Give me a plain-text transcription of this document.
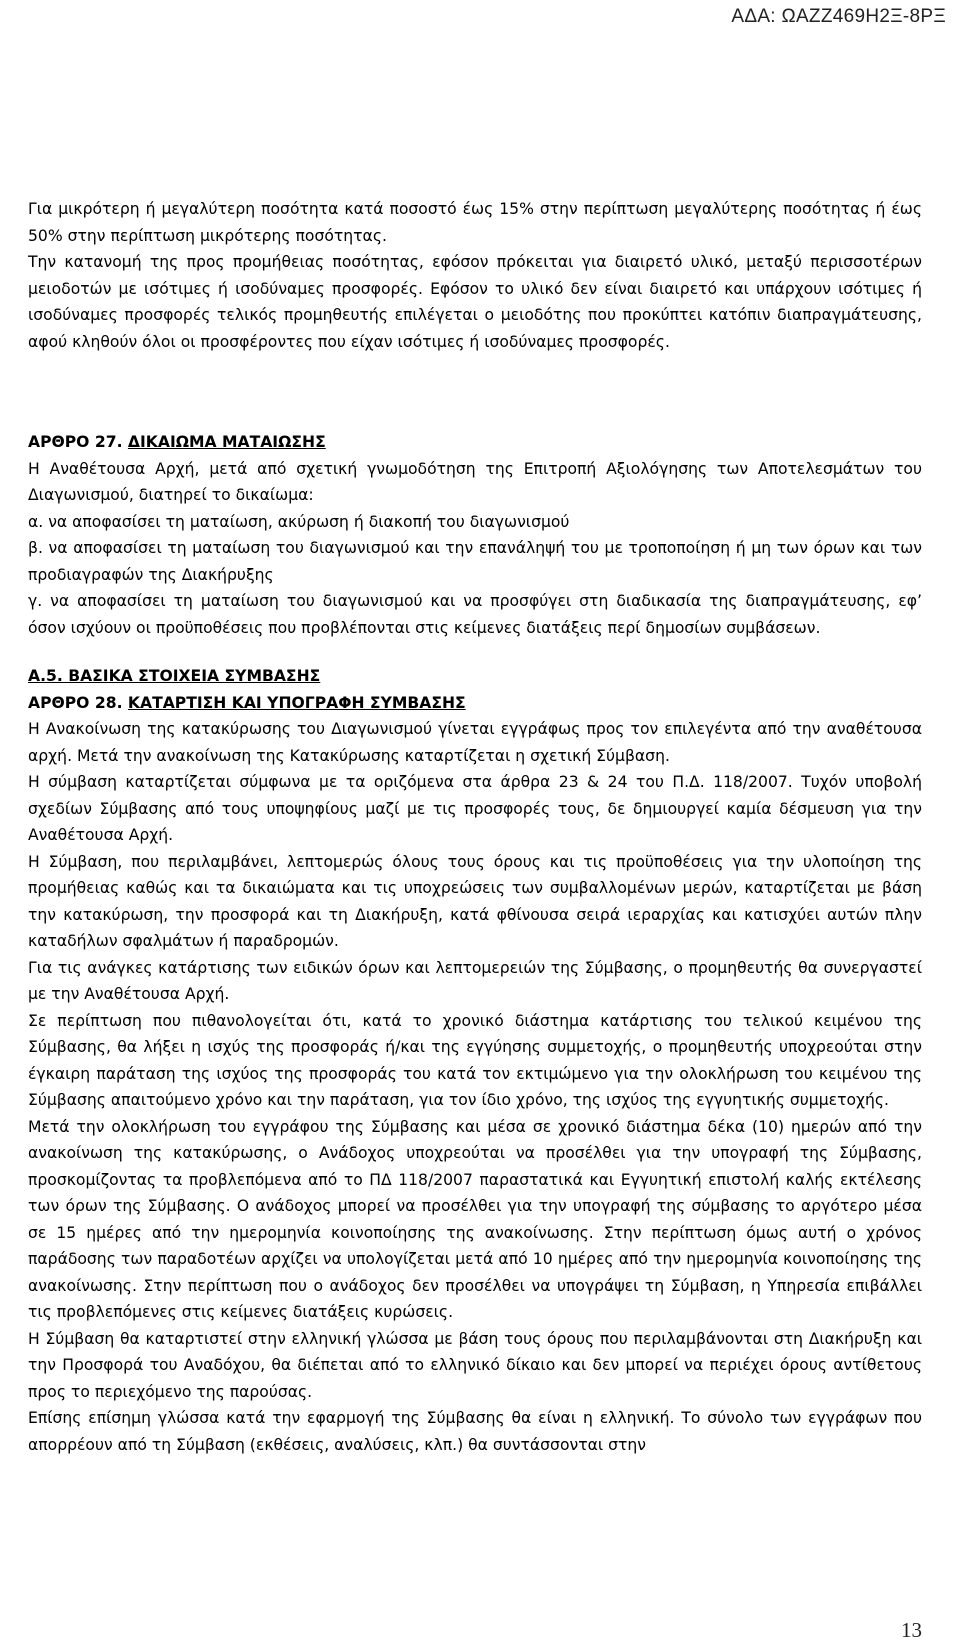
ΑΔΑ: ΩΑΖΖ469Η2Ξ-8ΡΞ

Για μικρότερη ή μεγαλύτερη ποσότητα κατά ποσοστό έως 15% στην περίπτωση μεγαλύτερης ποσότητας ή έως 50% στην περίπτωση μικρότερης ποσότητας.

Την κατανομή της προς προμήθειας ποσότητας, εφόσον πρόκειται για διαιρετό υλικό, μεταξύ περισσοτέρων μειοδοτών με ισότιμες ή ισοδύναμες προσφορές. Εφόσον το υλικό δεν είναι διαιρετό και υπάρχουν ισότιμες ή ισοδύναμες προσφορές τελικός προμηθευτής επιλέγεται ο μειοδότης που προκύπτει κατόπιν διαπραγμάτευσης, αφού κληθούν όλοι οι προσφέροντες που είχαν ισότιμες ή ισοδύναμες προσφορές.

ΑΡΘΡΟ 27. ΔΙΚΑΙΩΜΑ ΜΑΤΑΙΩΣΗΣ

Η Αναθέτουσα Αρχή, μετά από σχετική γνωμοδότηση της Επιτροπή Αξιολόγησης των Αποτελεσμάτων του Διαγωνισμού, διατηρεί το δικαίωμα:

α. να αποφασίσει τη ματαίωση, ακύρωση ή διακοπή του διαγωνισμού

β. να αποφασίσει τη ματαίωση του διαγωνισμού και την επανάληψή του με τροποποίηση ή μη των όρων και των προδιαγραφών της Διακήρυξης

γ. να αποφασίσει τη ματαίωση του διαγωνισμού και να προσφύγει στη διαδικασία της διαπραγμάτευσης, εφ’ όσον ισχύουν οι προϋποθέσεις που προβλέπονται στις κείμενες διατάξεις περί δημοσίων συμβάσεων.

Α.5. ΒΑΣΙΚΑ ΣΤΟΙΧΕΙΑ ΣΥΜΒΑΣΗΣ

ΑΡΘΡΟ 28. ΚΑΤΑΡΤΙΣΗ ΚΑΙ ΥΠΟΓΡΑΦΗ ΣΥΜΒΑΣΗΣ

Η Ανακοίνωση της κατακύρωσης του Διαγωνισμού γίνεται εγγράφως προς τον επιλεγέντα από την αναθέτουσα αρχή. Μετά την ανακοίνωση της Κατακύρωσης καταρτίζεται η σχετική Σύμβαση.

Η σύμβαση καταρτίζεται σύμφωνα με τα οριζόμενα στα άρθρα 23 & 24 του Π.Δ. 118/2007. Τυχόν υποβολή σχεδίων Σύμβασης από τους υποψηφίους μαζί με τις προσφορές τους, δε δημιουργεί καμία δέσμευση για την Αναθέτουσα Αρχή.

Η Σύμβαση, που περιλαμβάνει, λεπτομερώς όλους τους όρους και τις προϋποθέσεις για την υλοποίηση της προμήθειας καθώς και τα δικαιώματα και τις υποχρεώσεις των συμβαλλομένων μερών, καταρτίζεται με βάση την κατακύρωση, την προσφορά και τη Διακήρυξη, κατά φθίνουσα σειρά ιεραρχίας και κατισχύει αυτών πλην καταδήλων σφαλμάτων ή παραδρομών.

Για τις ανάγκες κατάρτισης των ειδικών όρων και λεπτομερειών της Σύμβασης, ο προμηθευτής θα συνεργαστεί με την Αναθέτουσα Αρχή.

Σε περίπτωση που πιθανολογείται ότι, κατά το χρονικό διάστημα κατάρτισης του τελικού κειμένου της Σύμβασης, θα λήξει η ισχύς της προσφοράς ή/και της εγγύησης συμμετοχής, ο προμηθευτής υποχρεούται στην έγκαιρη παράταση της ισχύος της προσφοράς του κατά τον εκτιμώμενο για την ολοκλήρωση του κειμένου της Σύμβασης απαιτούμενο χρόνο και την παράταση, για τον ίδιο χρόνο, της ισχύος της εγγυητικής συμμετοχής.

Μετά την ολοκλήρωση του εγγράφου της Σύμβασης και μέσα σε χρονικό διάστημα δέκα (10) ημερών από την ανακοίνωση της κατακύρωσης, ο Ανάδοχος υποχρεούται να προσέλθει για την υπογραφή της Σύμβασης, προσκομίζοντας τα προβλεπόμενα από το ΠΔ 118/2007 παραστατικά και Εγγυητική επιστολή καλής εκτέλεσης των όρων της Σύμβασης. Ο ανάδοχος μπορεί να προσέλθει για την υπογραφή της σύμβασης το αργότερο μέσα σε 15 ημέρες από την ημερομηνία κοινοποίησης της ανακοίνωσης. Στην περίπτωση όμως αυτή ο χρόνος παράδοσης των παραδοτέων αρχίζει να υπολογίζεται μετά από 10 ημέρες από την ημερομηνία κοινοποίησης της ανακοίνωσης. Στην περίπτωση που ο ανάδοχος δεν προσέλθει να υπογράψει τη Σύμβαση, η Υπηρεσία επιβάλλει τις προβλεπόμενες στις κείμενες διατάξεις κυρώσεις.

Η Σύμβαση θα καταρτιστεί στην ελληνική γλώσσα με βάση τους όρους που περιλαμβάνονται στη Διακήρυξη και την Προσφορά του Αναδόχου, θα διέπεται από το ελληνικό δίκαιο και δεν μπορεί να περιέχει όρους αντίθετους προς το περιεχόμενο της παρούσας.

Επίσης επίσημη γλώσσα κατά την εφαρμογή της Σύμβασης θα είναι η ελληνική. Το σύνολο των εγγράφων που απορρέουν από τη Σύμβαση (εκθέσεις, αναλύσεις, κλπ.) θα συντάσσονται στην

13
